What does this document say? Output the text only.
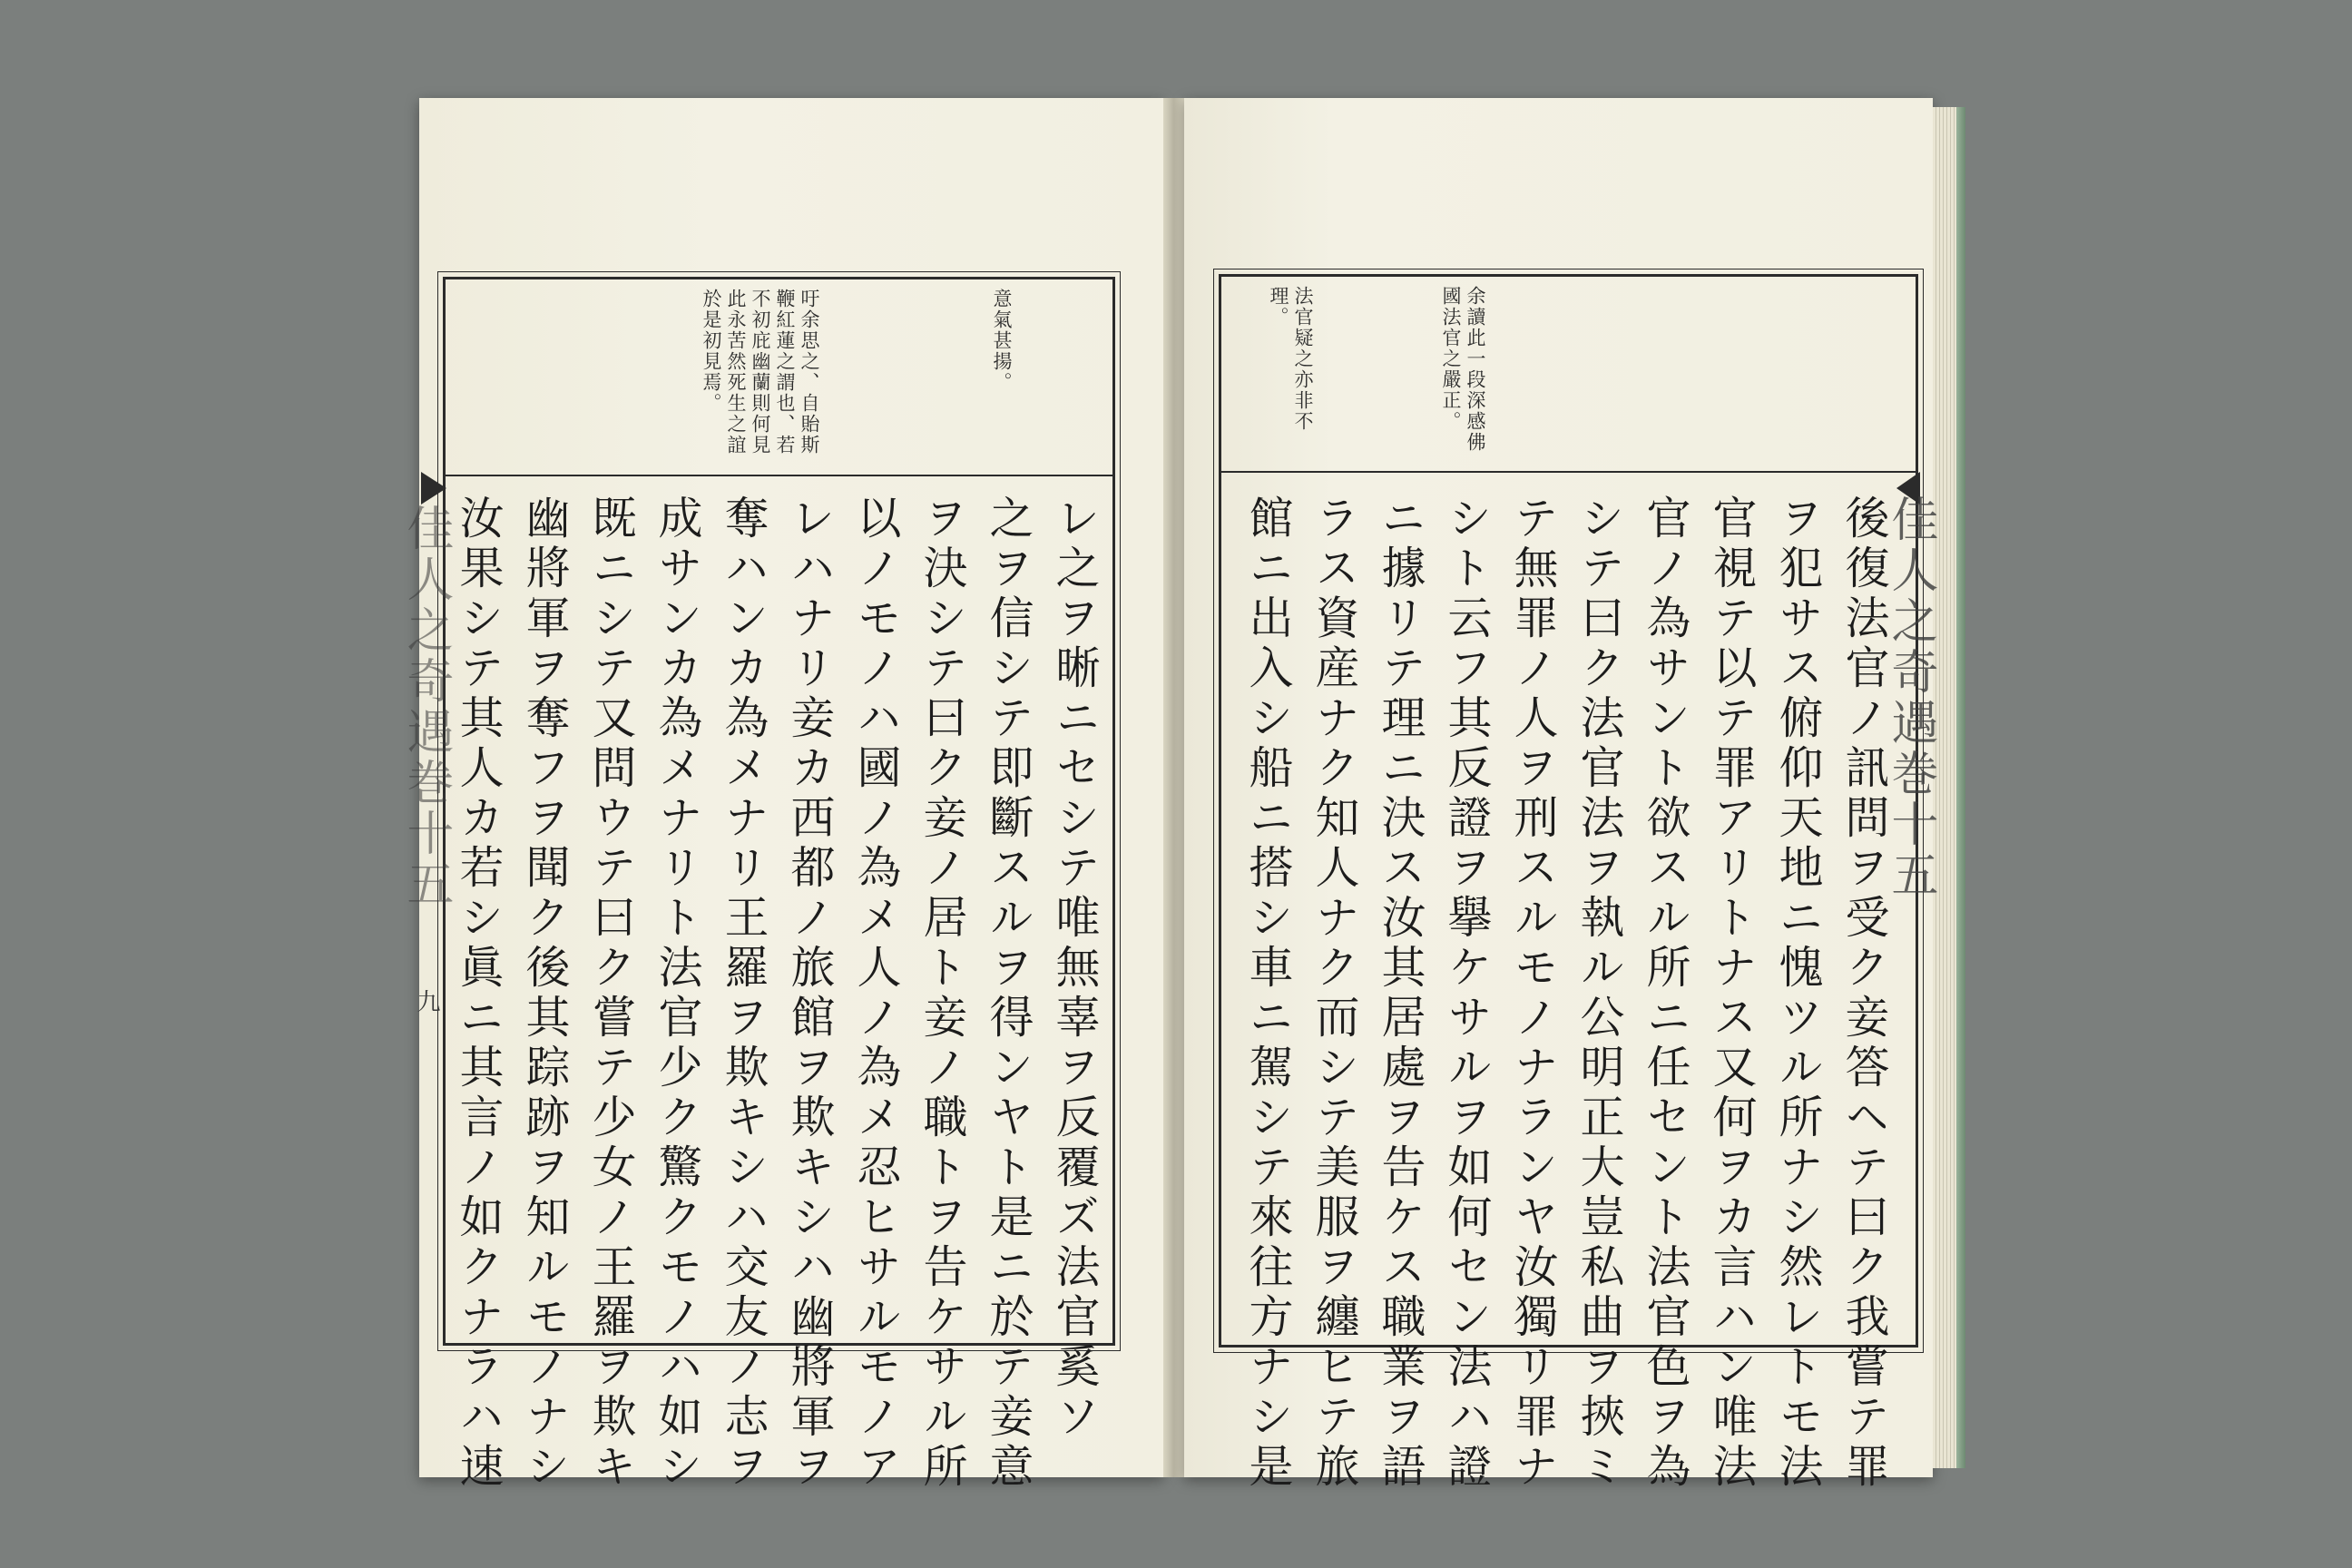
意氣甚揚。
吁余思之、自貽斯鞭紅蓮之謂也、若不初庇幽蘭則何見此永苦然死生之誼於是初見焉。
レ之ヲ晰ニセシテ唯無辜ヲ反覆ズ法官奚ソ
之ヲ信シテ即斷スルヲ得ンヤト是ニ於テ妾意
ヲ決シテ曰ク妾ノ居ト妾ノ職トヲ告ケサル所
以ノモノハ國ノ為メ人ノ為メ忍ヒサルモノア
レハナリ妾カ西都ノ旅館ヲ欺キシハ幽將軍ヲ
奪ハンカ為メナリ王羅ヲ欺キシハ交友ノ志ヲ
成サンカ為メナリト法官少ク驚クモノハ如シ
既ニシテ又問ウテ曰ク嘗テ少女ノ王羅ヲ欺キ
幽將軍ヲ奪フヲ聞ク後其踪跡ヲ知ルモノナシ
汝果シテ其人カ若シ眞ニ其言ノ如クナラハ速
佳人之奇遇巻十五
九
余讀此一段深感佛國法官之嚴正。
法官疑之亦非不理。
後復法官ノ訊問ヲ受ク妾答ヘテ曰ク我嘗テ罪
ヲ犯サス俯仰天地ニ愧ツル所ナシ然レトモ法
官視テ以テ罪アリトナス又何ヲカ言ハン唯法
官ノ為サント欲スル所ニ任セント法官色ヲ為
シテ曰ク法官法ヲ執ル公明正大豈私曲ヲ挾ミ
テ無罪ノ人ヲ刑スルモノナランヤ汝獨リ罪ナ
シト云フ其反證ヲ擧ケサルヲ如何セン法ハ證
ニ據リテ理ニ決ス汝其居處ヲ告ケス職業ヲ語
ラス資産ナク知人ナク而シテ美服ヲ纏ヒテ旅
館ニ出入シ船ニ搭シ車ニ駕シテ來往方ナシ是	佳人之奇遇巻十五
